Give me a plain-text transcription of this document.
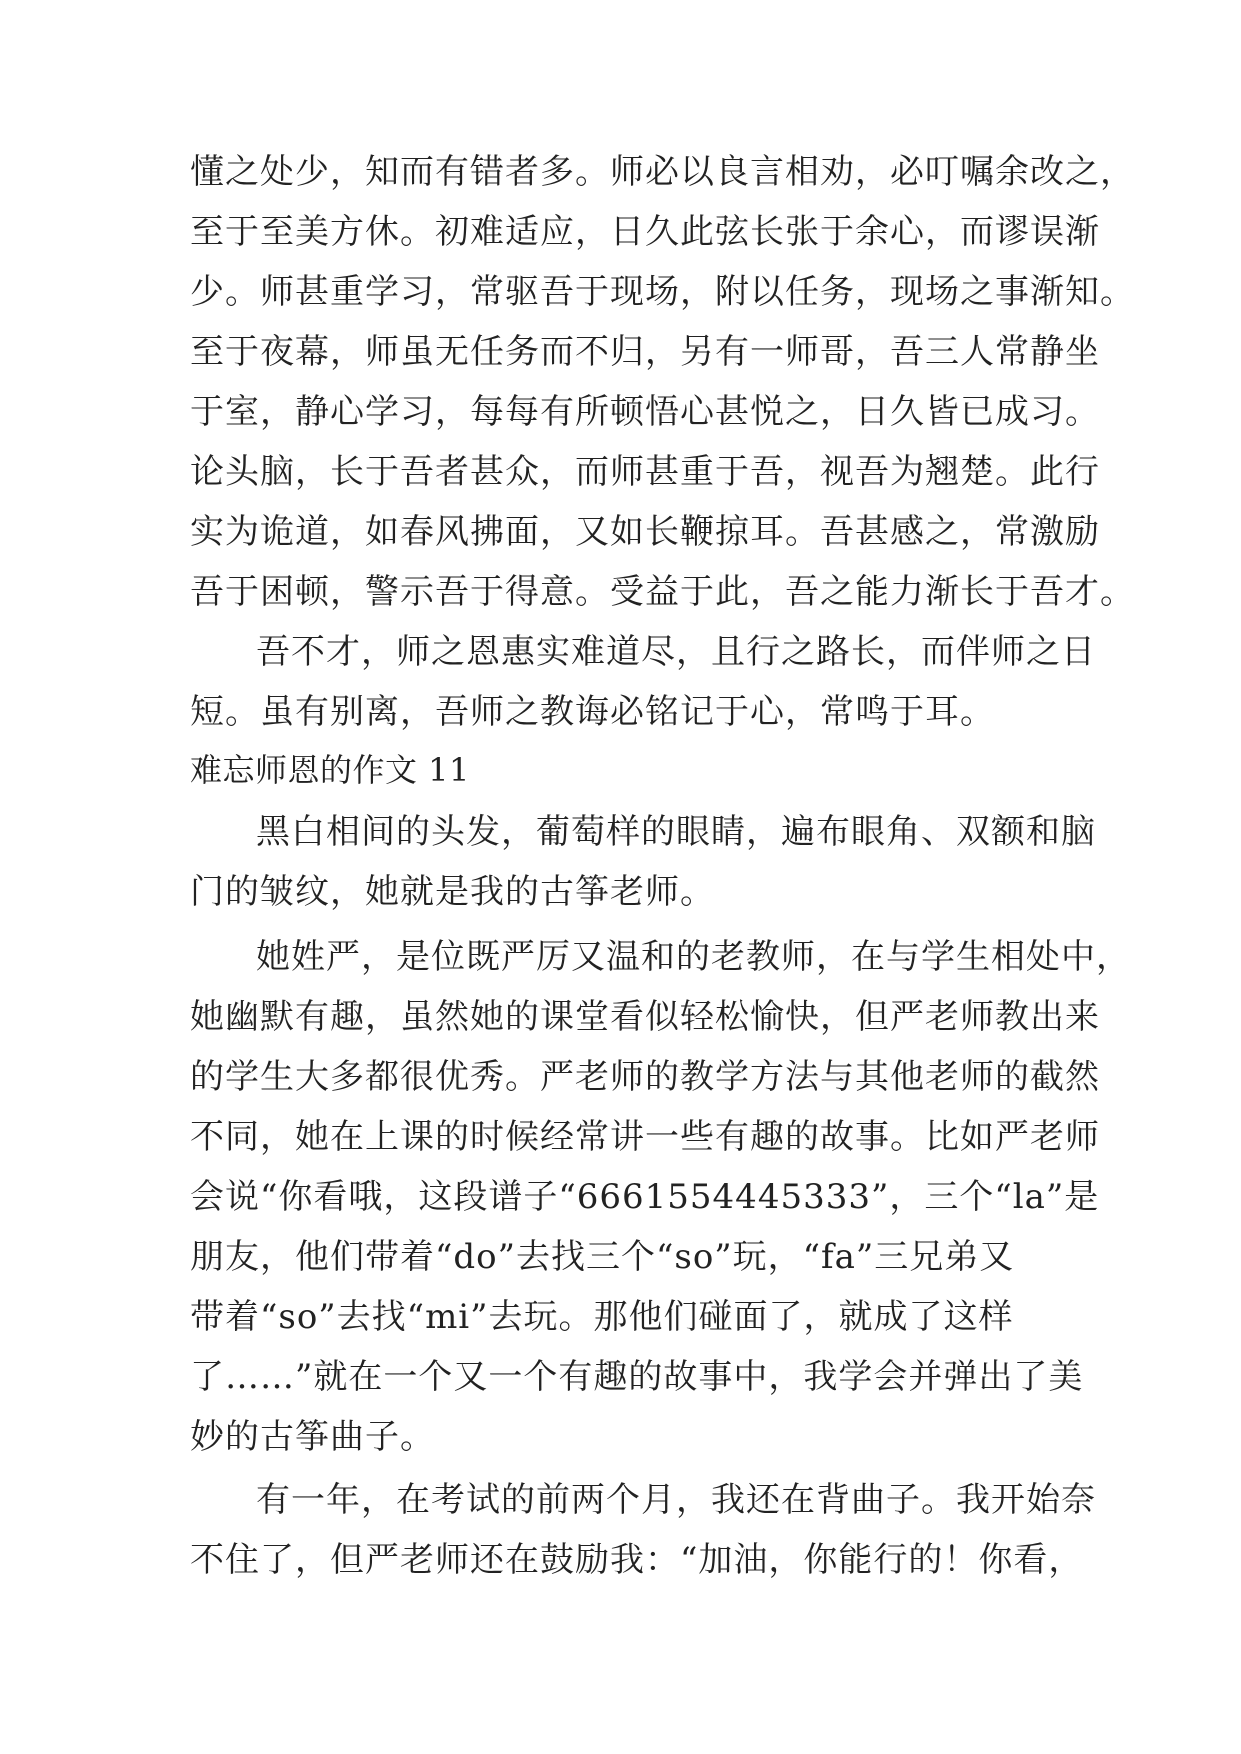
懂之处少，知而有错者多。师必以良言相劝，必叮嘱余改之，
至于至美方休。初难适应，日久此弦长张于余心，而谬误渐
少。师甚重学习，常驱吾于现场，附以任务，现场之事渐知。
至于夜幕，师虽无任务而不归，另有一师哥，吾三人常静坐
于室，静心学习，每每有所顿悟心甚悦之，日久皆已成习。
论头脑，长于吾者甚众，而师甚重于吾，视吾为翘楚。此行
实为诡道，如春风拂面，又如长鞭掠耳。吾甚感之，常激励
吾于困顿，警示吾于得意。受益于此，吾之能力渐长于吾才。
吾不才，师之恩惠实难道尽，且行之路长，而伴师之日
短。虽有别离，吾师之教诲必铭记于心，常鸣于耳。
难忘师恩的作文 11
黑白相间的头发，葡萄样的眼睛，遍布眼角、双额和脑
门的皱纹，她就是我的古筝老师。
她姓严，是位既严厉又温和的老教师，在与学生相处中，
她幽默有趣，虽然她的课堂看似轻松愉快，但严老师教出来
的学生大多都很优秀。严老师的教学方法与其他老师的截然
不同，她在上课的时候经常讲一些有趣的故事。比如严老师
会说“你看哦，这段谱子“6661554445333”，三个“la”是
朋友，他们带着“do”去找三个“so”玩，“fa”三兄弟又
带着“so”去找“mi”去玩。那他们碰面了，就成了这样
了……”就在一个又一个有趣的故事中，我学会并弹出了美
妙的古筝曲子。
有一年，在考试的前两个月，我还在背曲子。我开始奈
不住了，但严老师还在鼓励我：“加油，你能行的！你看，
